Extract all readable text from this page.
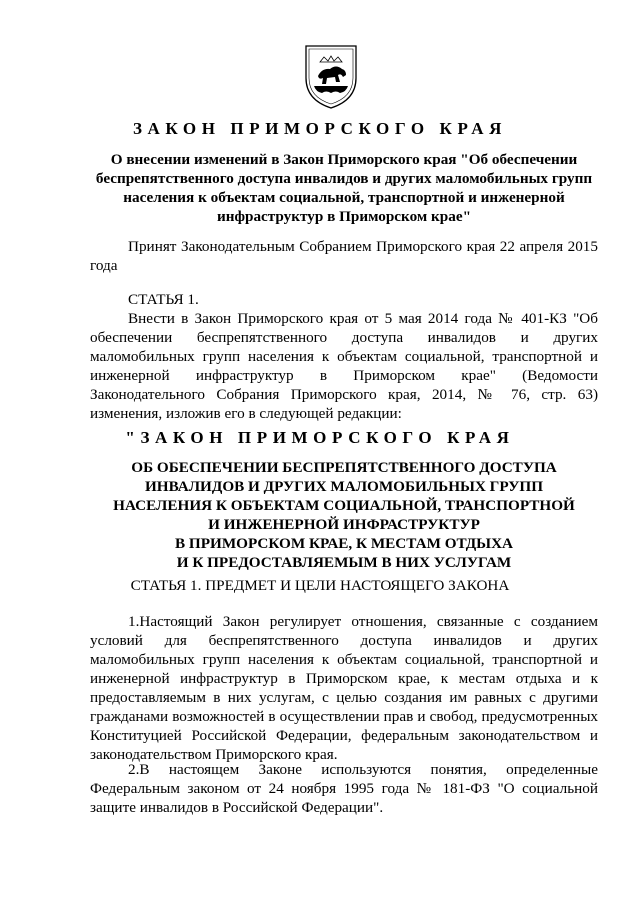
ЗАКОН ПРИМОРСКОГО КРАЯ
О внесении изменений в Закон Приморского края "Об обеспечении
беспрепятственного доступа инвалидов и других маломобильных групп
населения к объектам социальной, транспортной и инженерной
инфраструктур в Приморском крае"
Принят Законодательным Собранием Приморского края 22 апреля 2015 года
СТАТЬЯ 1.
Внести в Закон Приморского края от 5 мая 2014 года № 401-КЗ "Об обеспечении беспрепятственного доступа инвалидов и других маломобильных групп населения к объектам социальной, транспортной и инженерной инфраструктур в Приморском крае" (Ведомости Законодательного Собрания Приморского края, 2014, № 76, стр. 63) изменения, изложив его в следующей редакции:
"ЗАКОН ПРИМОРСКОГО КРАЯ
ОБ ОБЕСПЕЧЕНИИ БЕСПРЕПЯТСТВЕННОГО ДОСТУПА
ИНВАЛИДОВ И ДРУГИХ МАЛОМОБИЛЬНЫХ ГРУПП
НАСЕЛЕНИЯ К ОБЪЕКТАМ СОЦИАЛЬНОЙ, ТРАНСПОРТНОЙ
И ИНЖЕНЕРНОЙ ИНФРАСТРУКТУР
В ПРИМОРСКОМ КРАЕ, К МЕСТАМ ОТДЫХА
И К ПРЕДОСТАВЛЯЕМЫМ В НИХ УСЛУГАМ
СТАТЬЯ 1. ПРЕДМЕТ И ЦЕЛИ НАСТОЯЩЕГО ЗАКОНА
1.Настоящий Закон регулирует отношения, связанные с созданием условий для беспрепятственного доступа инвалидов и других маломобильных групп населения к объектам социальной, транспортной и инженерной инфраструктур в Приморском крае, к местам отдыха и к предоставляемым в них услугам, с целью создания им равных с другими гражданами возможностей в осуществлении прав и свобод, предусмотренных Конституцией Российской Федерации, федеральным законодательством и законодательством Приморского края.
2.В настоящем Законе используются понятия, определенные Федеральным законом от 24 ноября 1995 года № 181-ФЗ "О социальной защите инвалидов в Российской Федерации".
